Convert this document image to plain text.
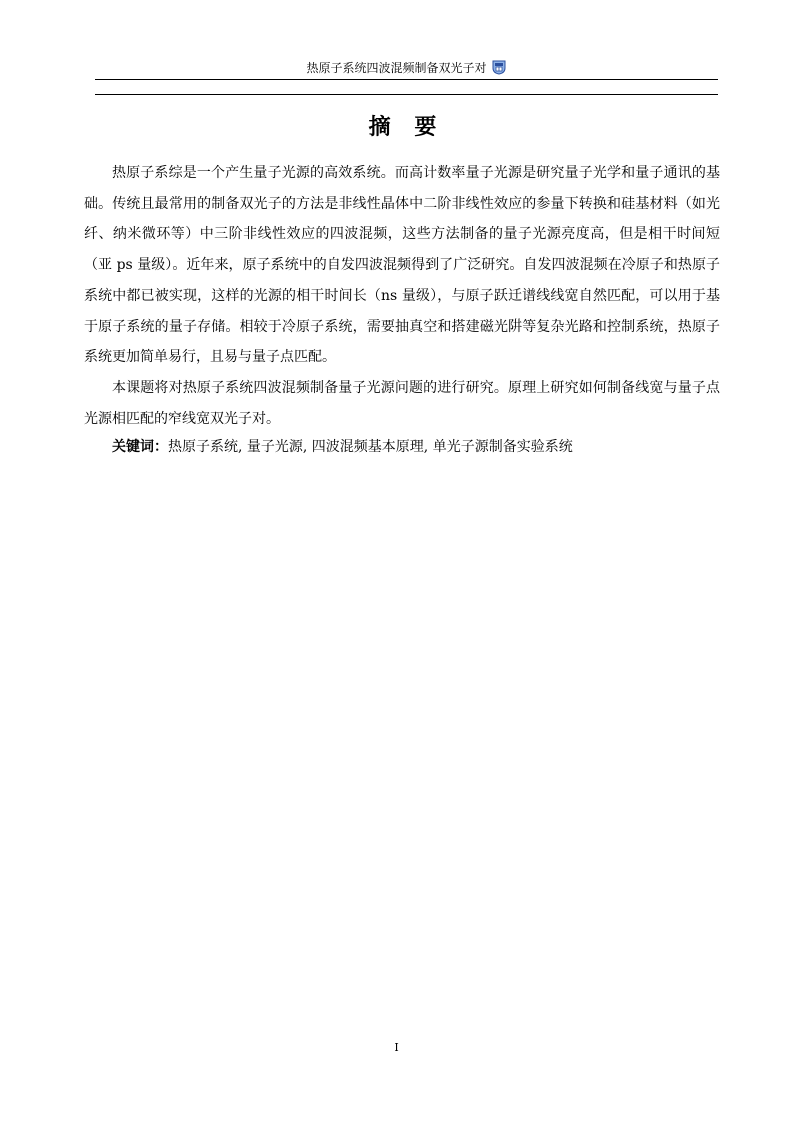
热原子系统四波混频制备双光子对
摘 要

热原子系综是一个产生量子光源的高效系统。而高计数率量子光源是研究量子光学和量子通讯的基础。传统且最常用的制备双光子的方法是非线性晶体中二阶非线性效应的参量下转换和硅基材料（如光纤、纳米微环等）中三阶非线性效应的四波混频，这些方法制备的量子光源亮度高，但是相干时间短（亚 ps 量级）。近年来，原子系统中的自发四波混频得到了广泛研究。自发四波混频在冷原子和热原子系统中都已被实现，这样的光源的相干时间长（ns 量级），与原子跃迁谱线线宽自然匹配，可以用于基于原子系统的量子存储。相较于冷原子系统，需要抽真空和搭建磁光阱等复杂光路和控制系统，热原子系统更加简单易行，且易与量子点匹配。

本课题将对热原子系统四波混频制备量子光源问题的进行研究。原理上研究如何制备线宽与量子点光源相匹配的窄线宽双光子对。

关键词：热原子系统, 量子光源, 四波混频基本原理, 单光子源制备实验系统

I
